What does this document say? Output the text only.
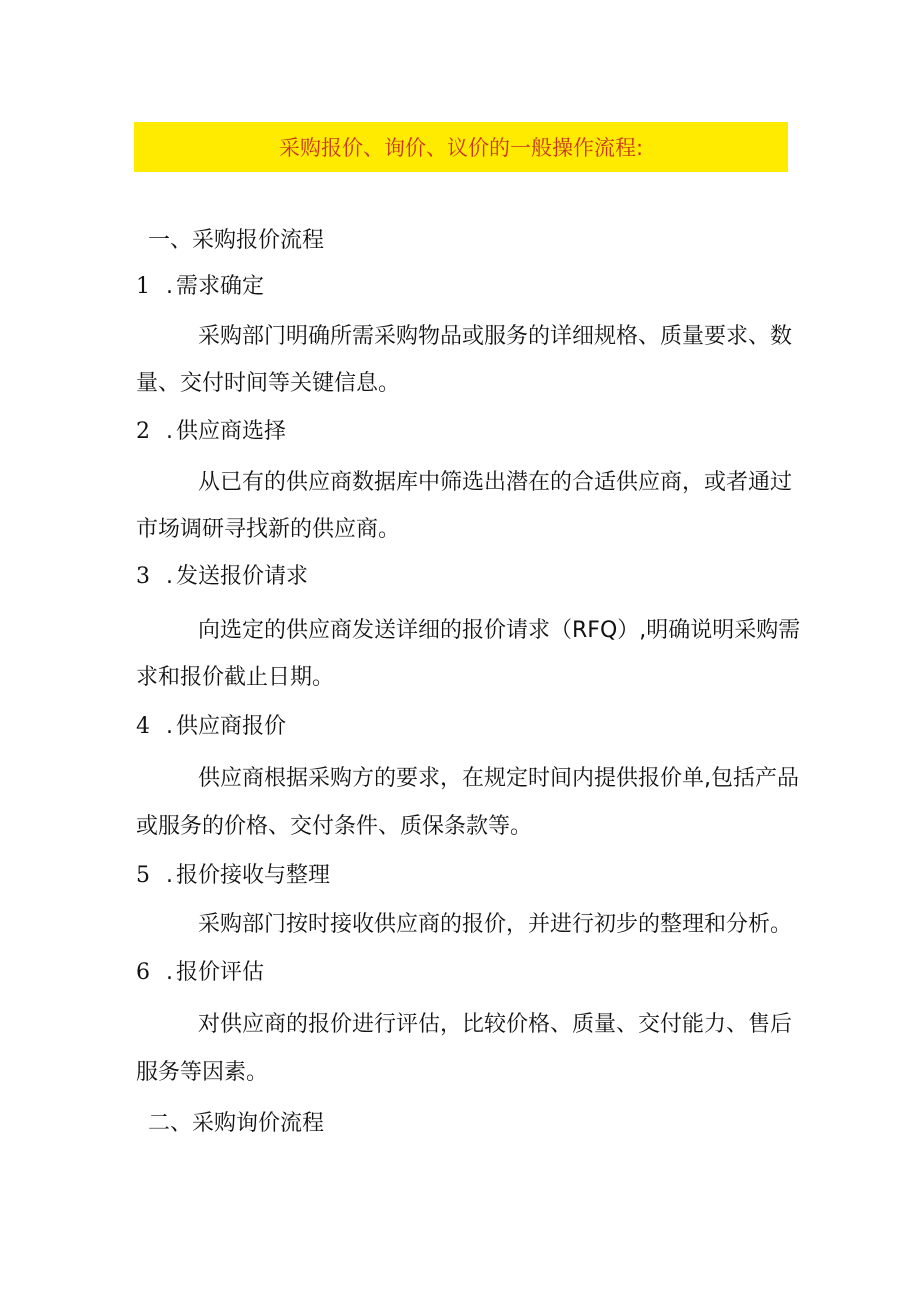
采购报价、询价、议价的一般操作流程:
一、采购报价流程
1 . 需求确定
采购部门明确所需采购物品或服务的详细规格、质量要求、数
量、交付时间等关键信息。
2 . 供应商选择
从已有的供应商数据库中筛选出潜在的合适供应商，或者通过
市场调研寻找新的供应商。
3 . 发送报价请求
向选定的供应商发送详细的报价请求（RFQ）,明确说明采购需
求和报价截止日期。
4 . 供应商报价
供应商根据采购方的要求，在规定时间内提供报价单,包括产品
或服务的价格、交付条件、质保条款等。
5 . 报价接收与整理
采购部门按时接收供应商的报价，并进行初步的整理和分析。
6 . 报价评估
对供应商的报价进行评估，比较价格、质量、交付能力、售后
服务等因素。
二、采购询价流程
